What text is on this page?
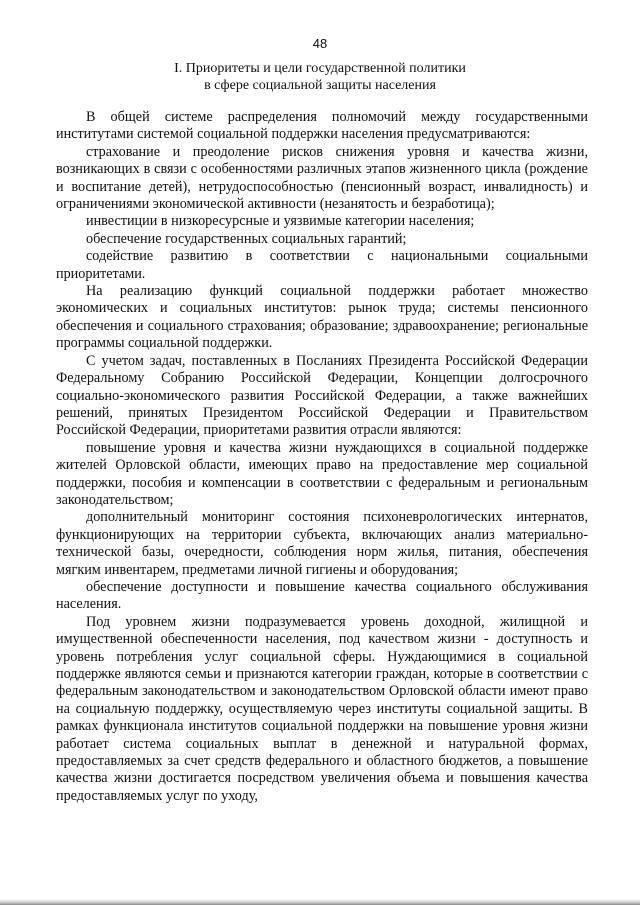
48
I. Приоритеты и цели государственной политики
в сфере социальной защиты населения

В общей системе распределения полномочий между государственными институтами системой социальной поддержки населения предусматриваются:

страхование и преодоление рисков снижения уровня и качества жизни, возникающих в связи с особенностями различных этапов жизненного цикла (рождение и воспитание детей), нетрудоспособностью (пенсионный возраст, инвалидность) и ограничениями экономической активности (незанятость и безработица);

инвестиции в низкоресурсные и уязвимые категории населения;

обеспечение государственных социальных гарантий;

содействие развитию в соответствии с национальными социальными приоритетами.

На реализацию функций социальной поддержки работает множество экономических и социальных институтов: рынок труда; системы пенсионного обеспечения и социального страхования; образование; здравоохранение; региональные программы социальной поддержки.

С учетом задач, поставленных в Посланиях Президента Российской Федерации Федеральному Собранию Российской Федерации, Концепции долгосрочного социально-экономического развития Российской Федерации, а также важнейших решений, принятых Президентом Российской Федерации и Правительством Российской Федерации, приоритетами развития отрасли являются:

повышение уровня и качества жизни нуждающихся в социальной поддержке жителей Орловской области, имеющих право на предоставление мер социальной поддержки, пособия и компенсации в соответствии с федеральным и региональным законодательством;

дополнительный мониторинг состояния психоневрологических интернатов, функционирующих на территории субъекта, включающих анализ материально-технической базы, очередности, соблюдения норм жилья, питания, обеспечения мягким инвентарем, предметами личной гигиены и оборудования;

обеспечение доступности и повышение качества социального обслуживания населения.

Под уровнем жизни подразумевается уровень доходной, жилищной и имущественной обеспеченности населения, под качеством жизни - доступность и уровень потребления услуг социальной сферы. Нуждающимися в социальной поддержке являются семьи и признаются категории граждан, которые в соответствии с федеральным законодательством и законодательством Орловской области имеют право на социальную поддержку, осуществляемую через институты социальной защиты. В рамках функционала институтов социальной поддержки на повышение уровня жизни работает система социальных выплат в денежной и натуральной формах, предоставляемых за счет средств федерального и областного бюджетов, а повышение качества жизни достигается посредством увеличения объема и повышения качества предоставляемых услуг по уходу,
